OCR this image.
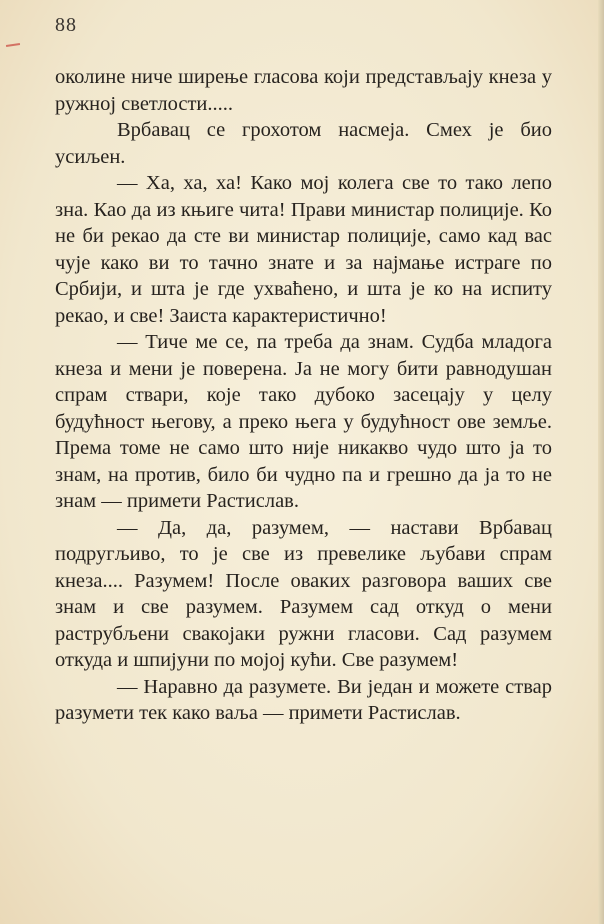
88

околине ниче ширење гласова који представљају кнеза у ружној светлости.....

Врбавац се грохотом насмеја. Смех је био усиљен.

— Ха, ха, ха! Како мој колега све то тако лепо зна. Као да из књиге чита! Прави министар полиције. Ко не би рекао да сте ви министар полиције, само кад вас чује како ви то тачно знате и за најмање истраге по Србији, и шта је где ухваћено, и шта је ко на испиту рекао, и све! Заиста карактеристично!

— Тиче ме се, па треба да знам. Судба младога кнеза и мени је поверена. Ја не могу бити равнодушан спрам ствари, које тако дубоко засецају у целу будућност његову, а преко њега у будућност ове земље. Према томе не само што није никакво чудо што ја то знам, на против, било би чудно па и грешно да ја то не знам — примети Растислав.

— Да, да, разумем, — настави Врбавац подругљиво, то је све из превелике љубави спрам кнеза.... Разумем! После оваких разговора ваших све знам и све разумем. Разумем сад откуд о мени раструбљени свакојаки ружни гласови. Сад разумем откуда и шпијуни по мојој кући. Све разумем!

— Наравно да разумете. Ви један и можете ствар разумети тек како ваља — примети Растислав.
